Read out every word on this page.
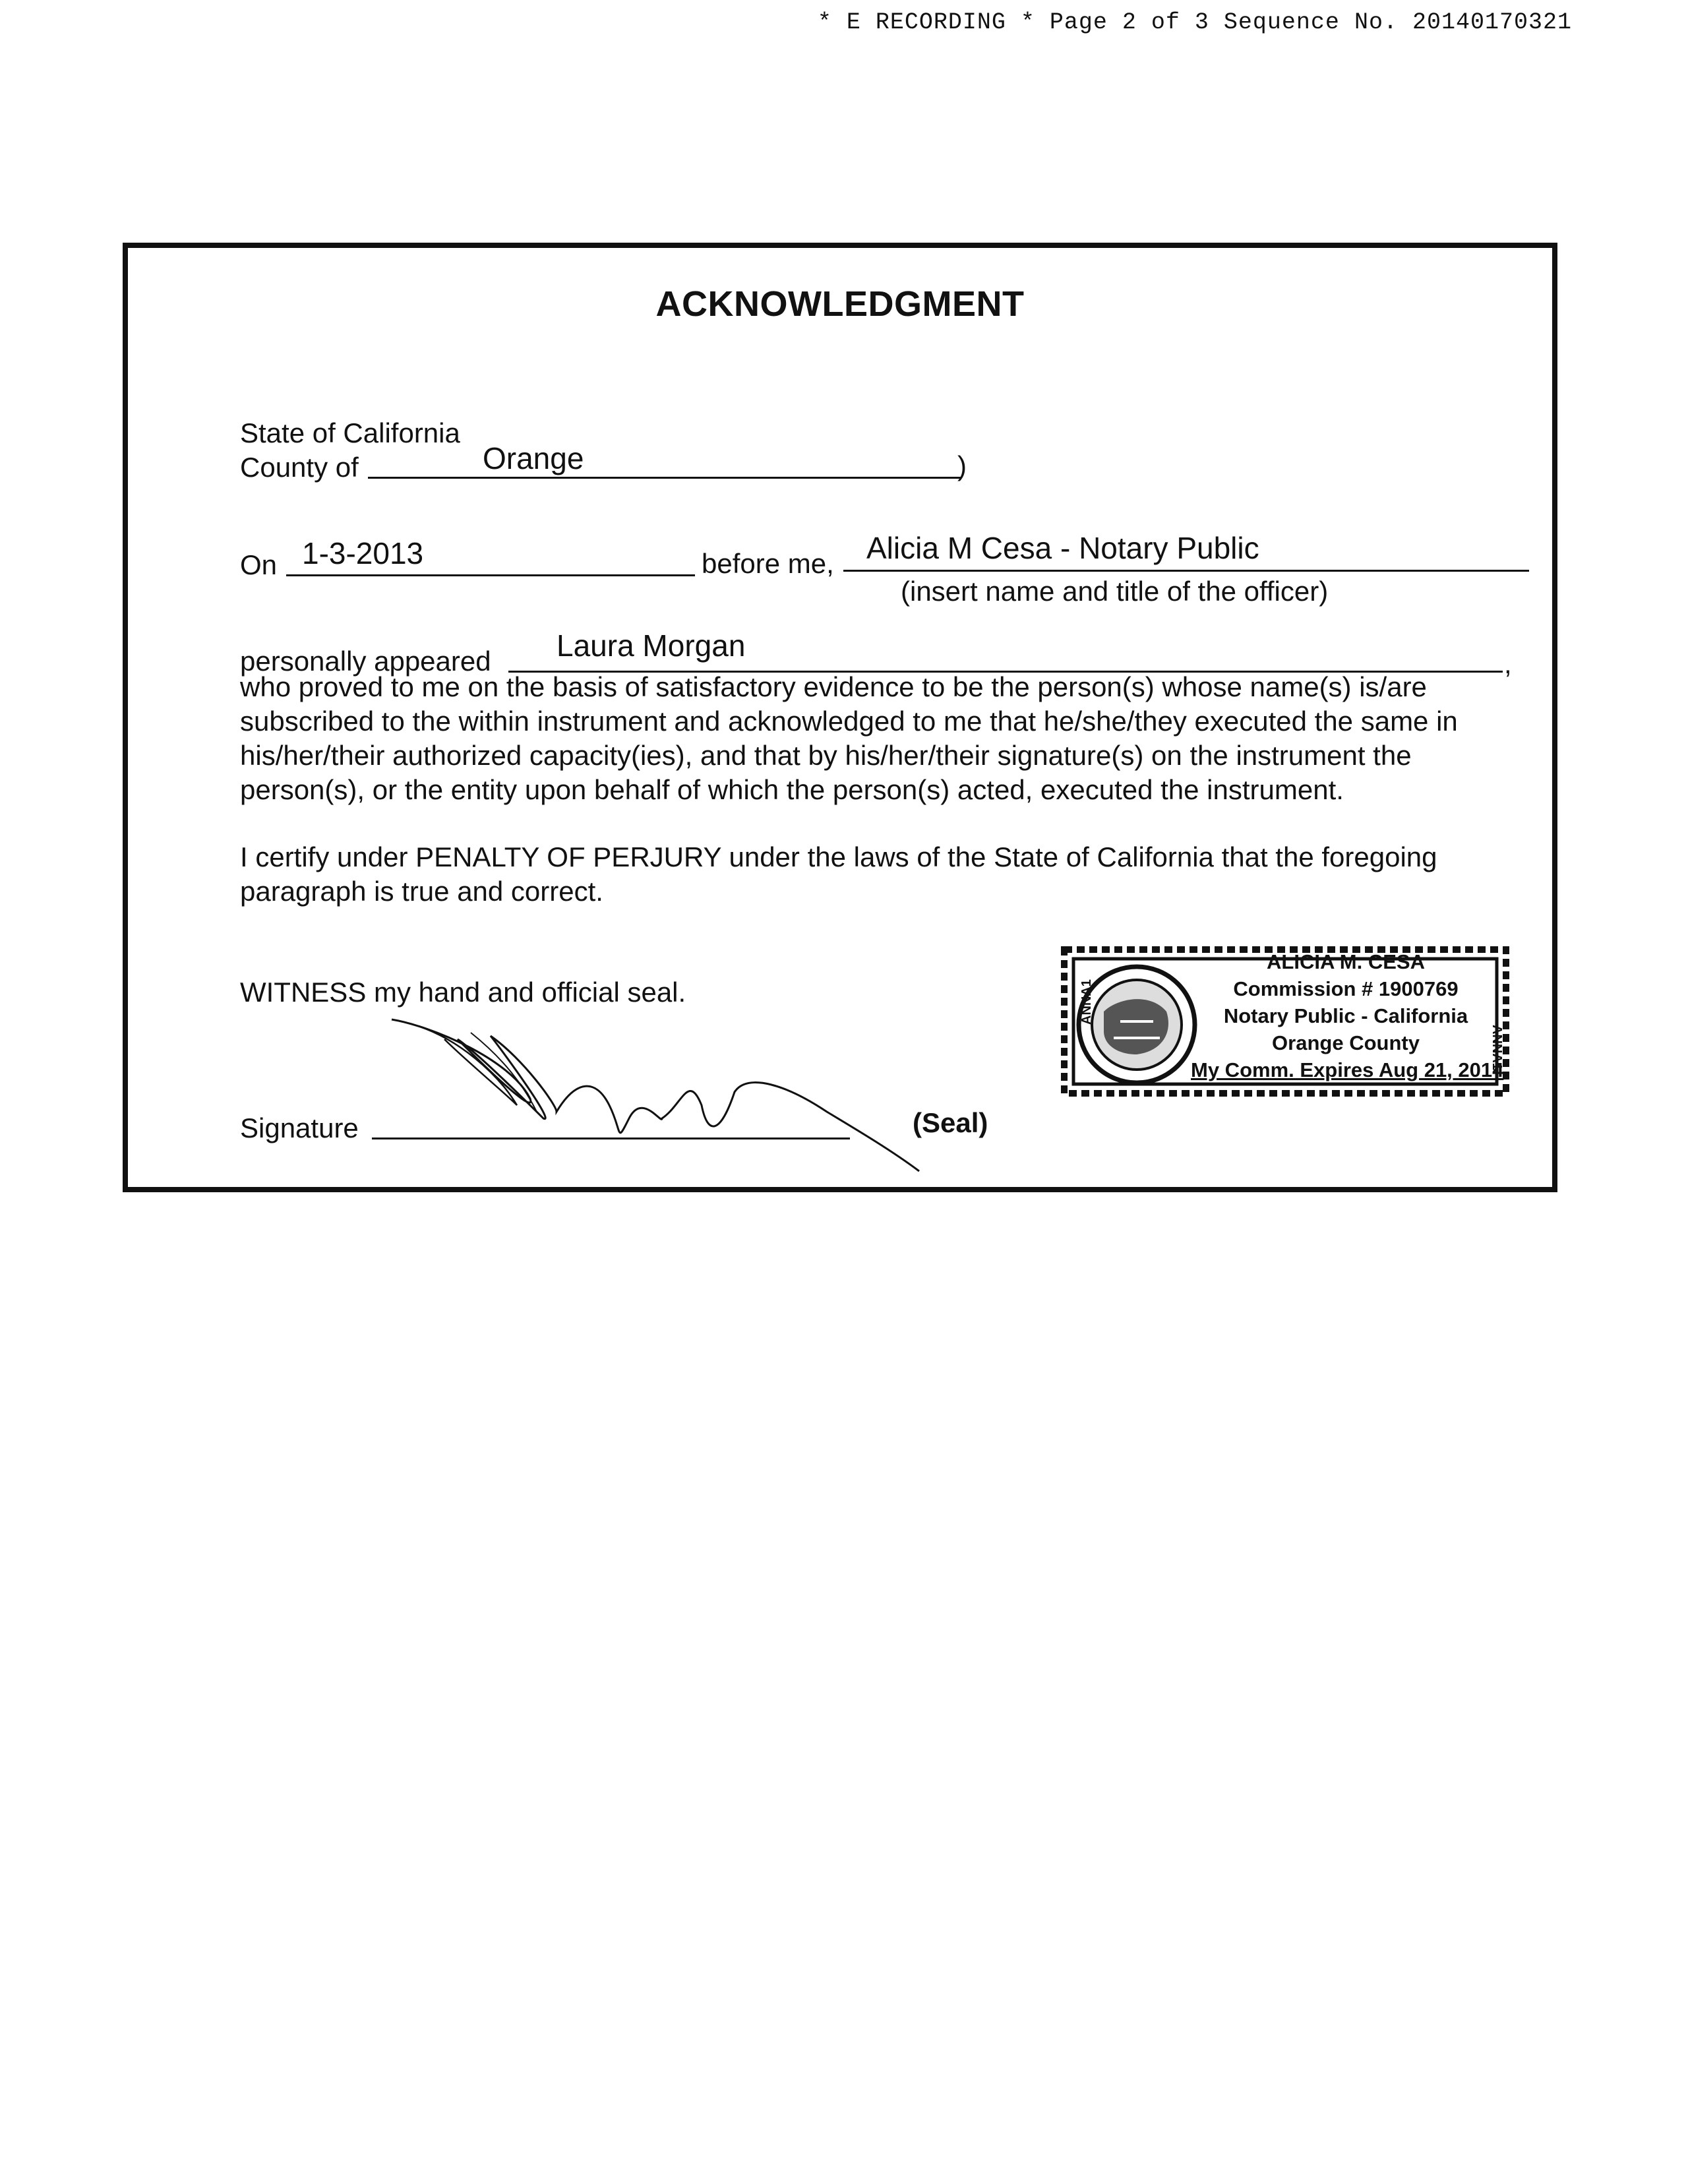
* E RECORDING * Page 2 of 3 Sequence No. 20140170321
ACKNOWLEDGMENT
State of California
County of	Orange	)
On 1-3-2013	before me, Alicia M Cesa - Notary Public
(insert name and title of the officer)
personally appeared Laura Morgan
,

who proved to me on the basis of satisfactory evidence to be the person(s) whose name(s) is/are

subscribed to the within instrument and acknowledged to me that he/she/they executed the same in

his/her/their authorized capacity(ies), and that by his/her/their signature(s) on the instrument the

person(s), or the entity upon behalf of which the person(s) acted, executed the instrument.

I certify under PENALTY OF PERJURY under the laws of the State of California that the foregoing

paragraph is true and correct.

WITNESS my hand and official seal.
Signature	(Seal)
ANNA1
ANNA1
ALICIA M. CESA
Commission # 1900769
Notary Public - California
Orange County
My Comm. Expires Aug 21, 2014
